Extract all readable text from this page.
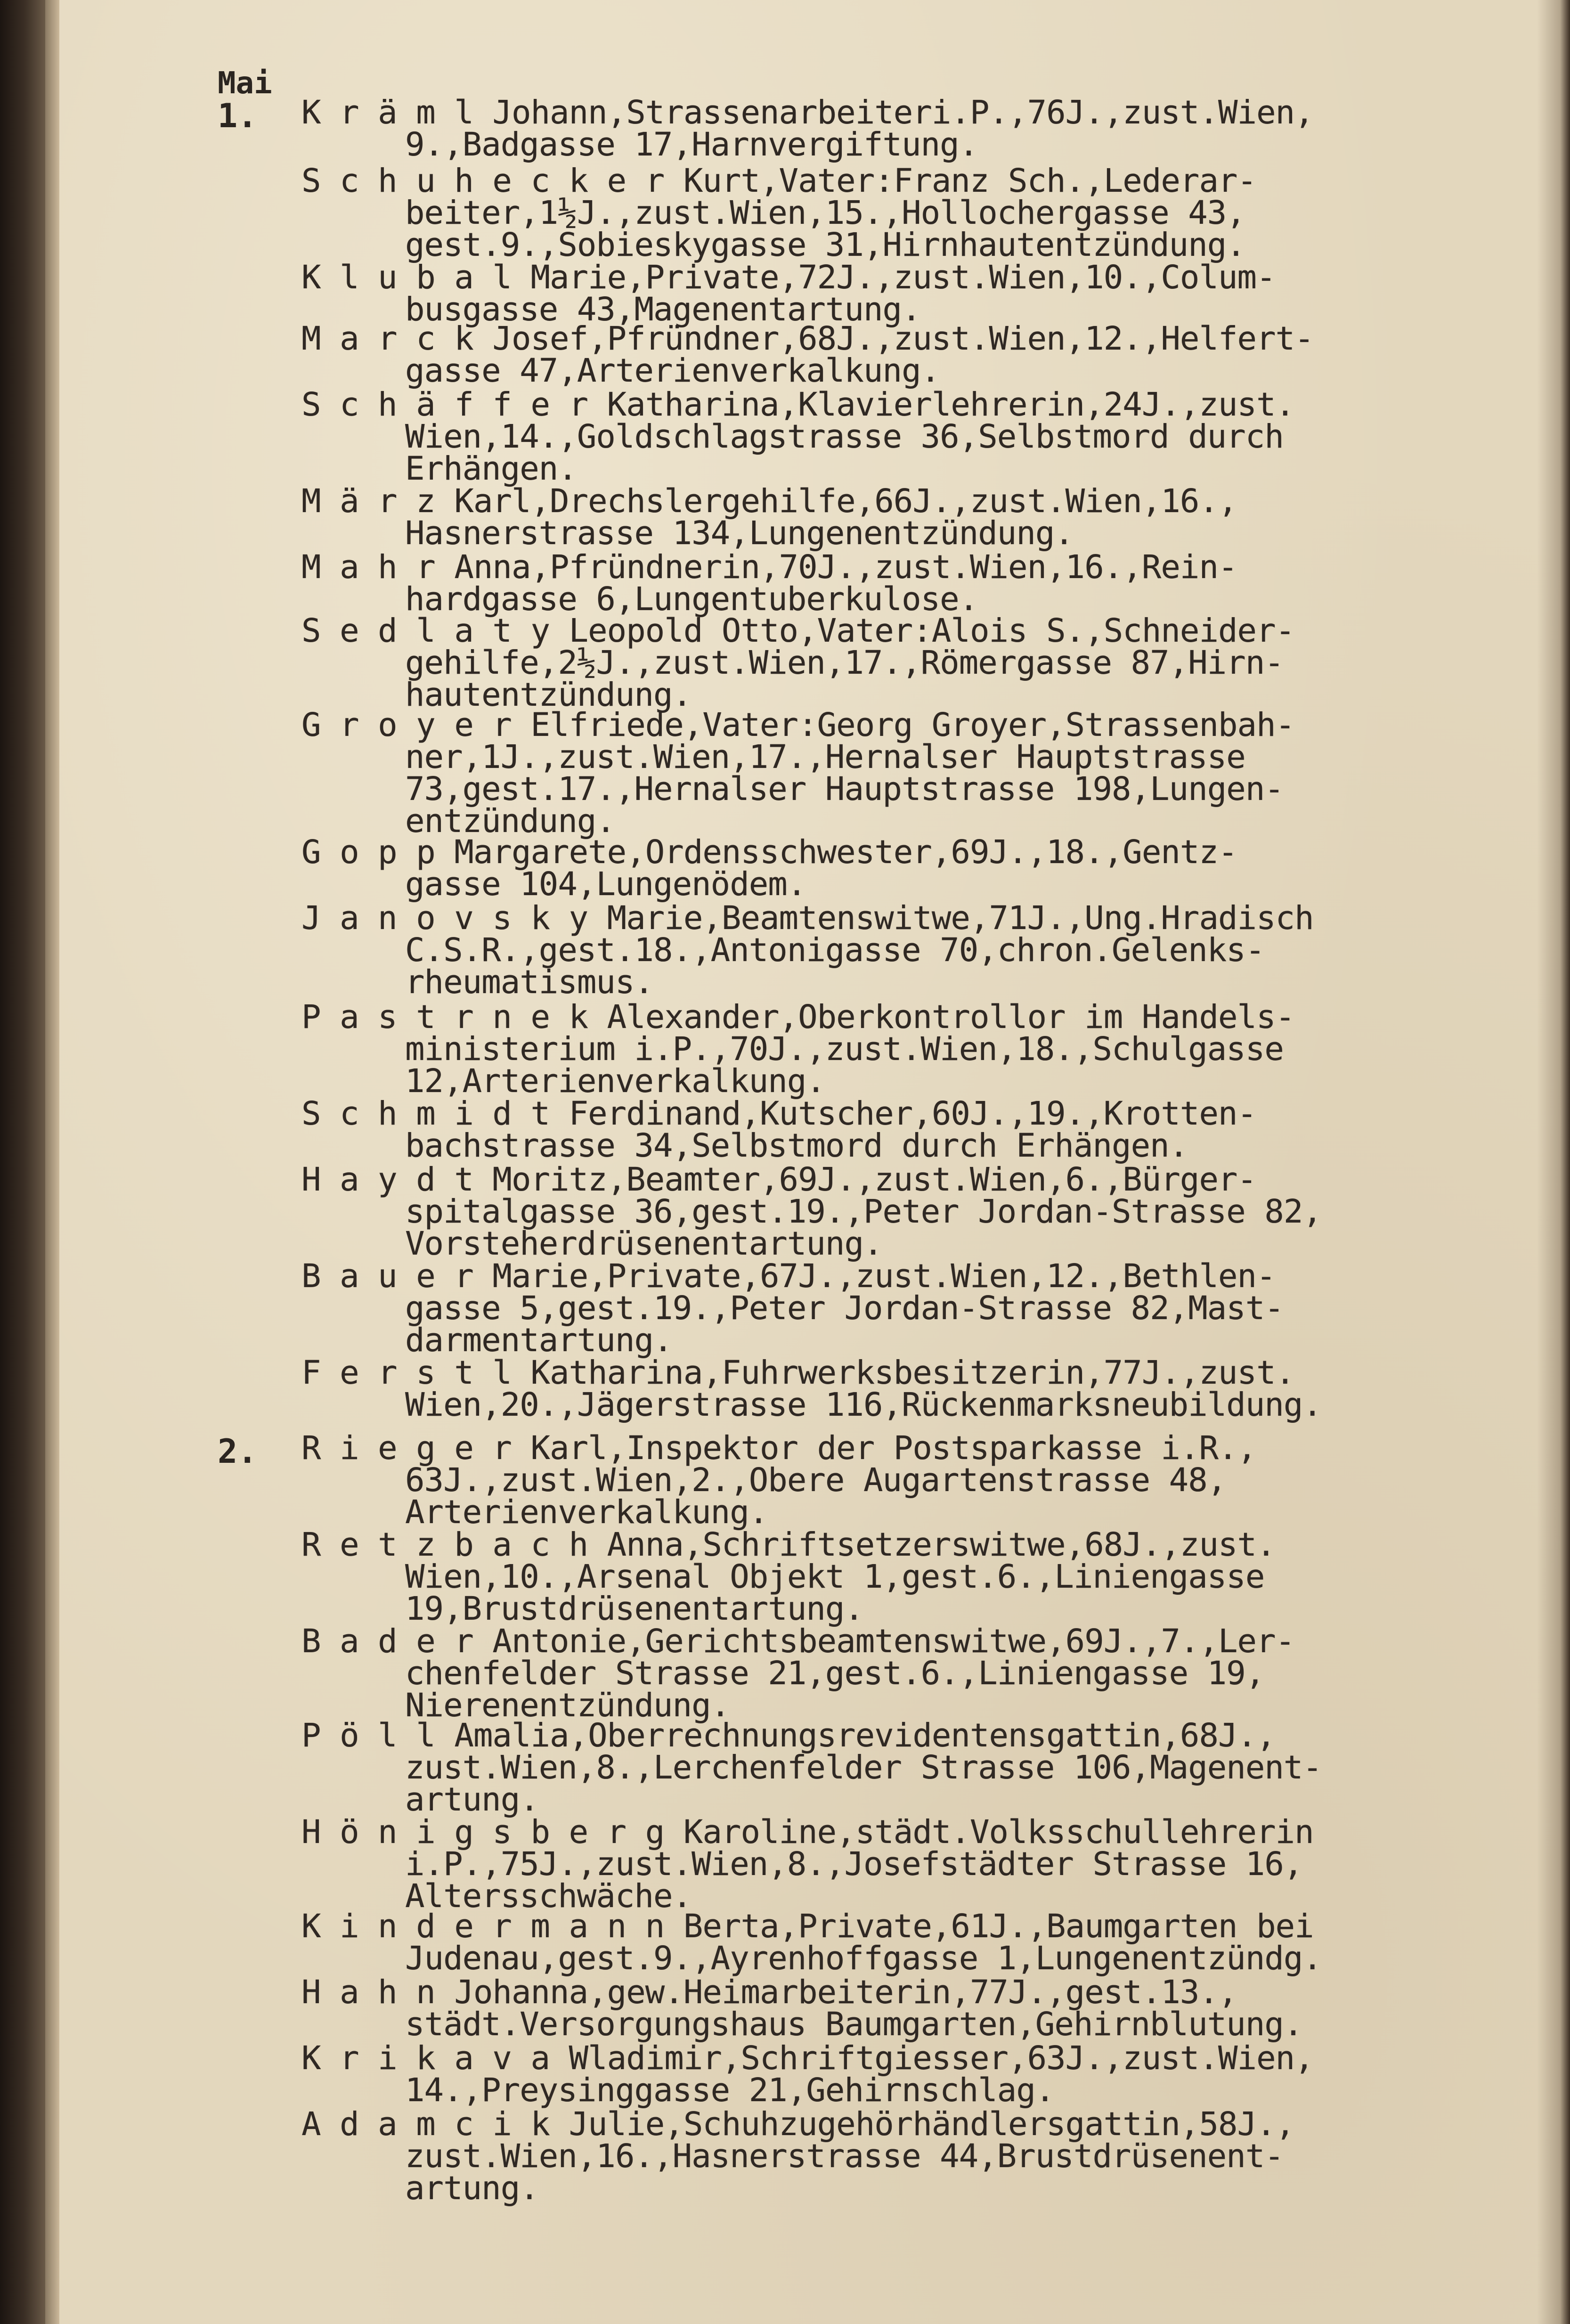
Mai
1.
2.
K r ä m l Johann,Strassenarbeiteri.P.,76J.,zust.Wien,
9.,Badgasse 17,Harnvergiftung.
S c h u h e c k e r Kurt,Vater:Franz Sch.,Lederar-
beiter,1½J.,zust.Wien,15.,Hollochergasse 43,
gest.9.,Sobieskygasse 31,Hirnhautentzündung.
K l u b a l Marie,Private,72J.,zust.Wien,10.,Colum-
busgasse 43,Magenentartung.
M a r c k Josef,Pfründner,68J.,zust.Wien,12.,Helfert-
gasse 47,Arterienverkalkung.
S c h ä f f e r Katharina,Klavierlehrerin,24J.,zust.
Wien,14.,Goldschlagstrasse 36,Selbstmord durch
Erhängen.
M ä r z Karl,Drechslergehilfe,66J.,zust.Wien,16.,
Hasnerstrasse 134,Lungenentzündung.
M a h r Anna,Pfründnerin,70J.,zust.Wien,16.,Rein-
hardgasse 6,Lungentuberkulose.
S e d l a t y Leopold Otto,Vater:Alois S.,Schneider-
gehilfe,2½J.,zust.Wien,17.,Römergasse 87,Hirn-
hautentzündung.
G r o y e r Elfriede,Vater:Georg Groyer,Strassenbah-
ner,1J.,zust.Wien,17.,Hernalser Hauptstrasse
73,gest.17.,Hernalser Hauptstrasse 198,Lungen-
entzündung.
G o p p Margarete,Ordensschwester,69J.,18.,Gentz-
gasse 104,Lungenödem.
J a n o v s k y Marie,Beamtenswitwe,71J.,Ung.Hradisch
C.S.R.,gest.18.,Antonigasse 70,chron.Gelenks-
rheumatismus.
P a s t r n e k Alexander,Oberkontrollor im Handels-
ministerium i.P.,70J.,zust.Wien,18.,Schulgasse
12,Arterienverkalkung.
S c h m i d t Ferdinand,Kutscher,60J.,19.,Krotten-
bachstrasse 34,Selbstmord durch Erhängen.
H a y d t Moritz,Beamter,69J.,zust.Wien,6.,Bürger-
spitalgasse 36,gest.19.,Peter Jordan-Strasse 82,
Vorsteherdrüsenentartung.
B a u e r Marie,Private,67J.,zust.Wien,12.,Bethlen-
gasse 5,gest.19.,Peter Jordan-Strasse 82,Mast-
darmentartung.
F e r s t l Katharina,Fuhrwerksbesitzerin,77J.,zust.
Wien,20.,Jägerstrasse 116,Rückenmarksneubildung.
R i e g e r Karl,Inspektor der Postsparkasse i.R.,
63J.,zust.Wien,2.,Obere Augartenstrasse 48,
Arterienverkalkung.
R e t z b a c h Anna,Schriftsetzerswitwe,68J.,zust.
Wien,10.,Arsenal Objekt 1,gest.6.,Liniengasse
19,Brustdrüsenentartung.
B a d e r Antonie,Gerichtsbeamtenswitwe,69J.,7.,Ler-
chenfelder Strasse 21,gest.6.,Liniengasse 19,
Nierenentzündung.
P ö l l Amalia,Oberrechnungsrevidentensgattin,68J.,
zust.Wien,8.,Lerchenfelder Strasse 106,Magenent-
artung.
H ö n i g s b e r g Karoline,städt.Volksschullehrerin
i.P.,75J.,zust.Wien,8.,Josefstädter Strasse 16,
Altersschwäche.
K i n d e r m a n n Berta,Private,61J.,Baumgarten bei
Judenau,gest.9.,Ayrenhoffgasse 1,Lungenentzündg.
H a h n Johanna,gew.Heimarbeiterin,77J.,gest.13.,
städt.Versorgungshaus Baumgarten,Gehirnblutung.
K r i k a v a Wladimir,Schriftgiesser,63J.,zust.Wien,
14.,Preysinggasse 21,Gehirnschlag.
A d a m c i k Julie,Schuhzugehörhändlersgattin,58J.,
zust.Wien,16.,Hasnerstrasse 44,Brustdrüsenent-
artung.
